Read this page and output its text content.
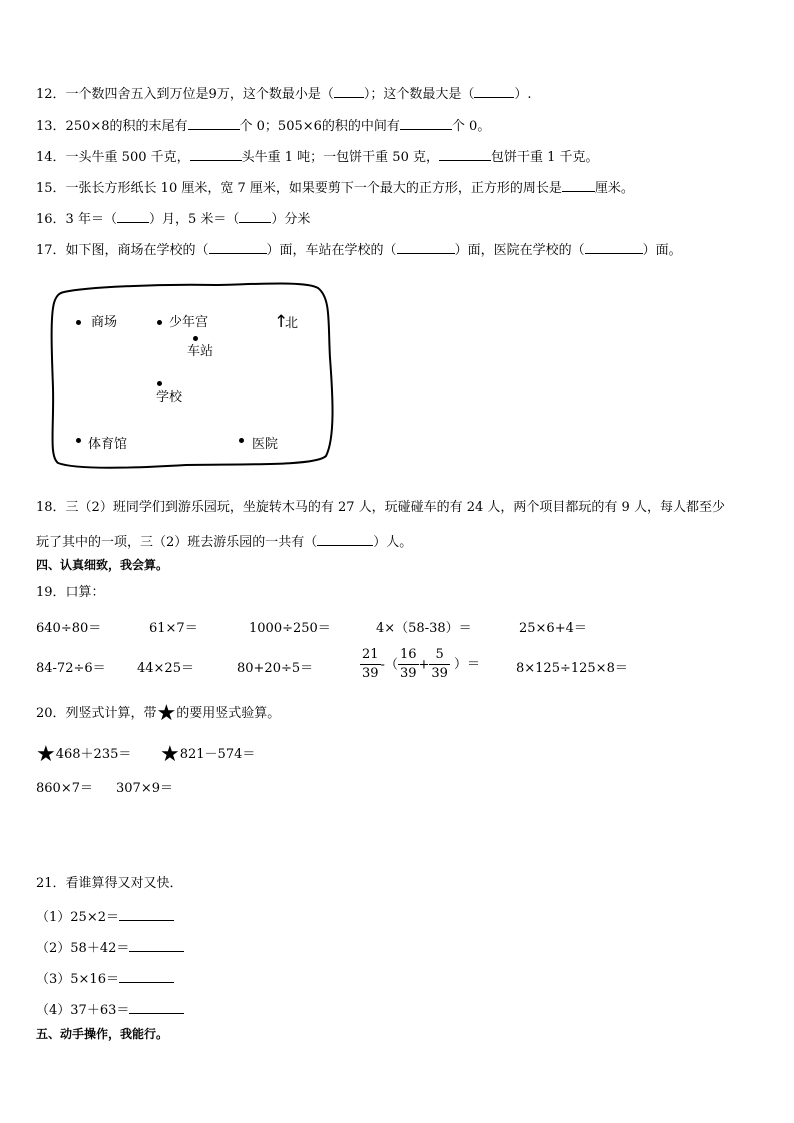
12．一个数四舍五入到万位是9万，这个数最小是（ ）；这个数最大是（	）.
13．250×8的积的末尾有	个 0；505×6的积的中间有	个 0。
14．一头牛重 500 千克，	头牛重 1 吨；一包饼干重 50 克，	包饼干重 1 千克。
15．一张长方形纸长 10 厘米，宽 7 厘米，如果要剪下一个最大的正方形，正方形的周长是	厘米。
16．3 年＝（ ）月，5 米＝（ ）分米
17．如下图，商场在学校的（	）面，车站在学校的（	）面，医院在学校的（	）面。
商场	少年宫	↑
北
车站
学校
体育馆	医院
18．三（2）班同学们到游乐园玩，坐旋转木马的有 27 人，玩碰碰车的有 24 人，两个项目都玩的有 9 人，每人都至少
玩了其中的一项，三（2）班去游乐园的一共有（	）人。
四、认真细致，我会算。
19．口算：
640÷80＝	61×7＝	1000÷250＝	4×（58-38）＝	25×6+4＝
84-72÷6＝ 44×25＝	80+20÷5＝	$\frac{21}{39}$ -（ $\frac{16}{39} + \frac{5}{39}$ ）＝	8×125÷125×8＝
20．列竖式计算，带★的要用竖式验算。
★468＋235＝ ★821－574＝
860×7＝ 307×9＝
21．看谁算得又对又快．
（1）25×2＝
（2）58＋42＝
（3）5×16＝
（4）37＋63＝
五、动手操作，我能行。
